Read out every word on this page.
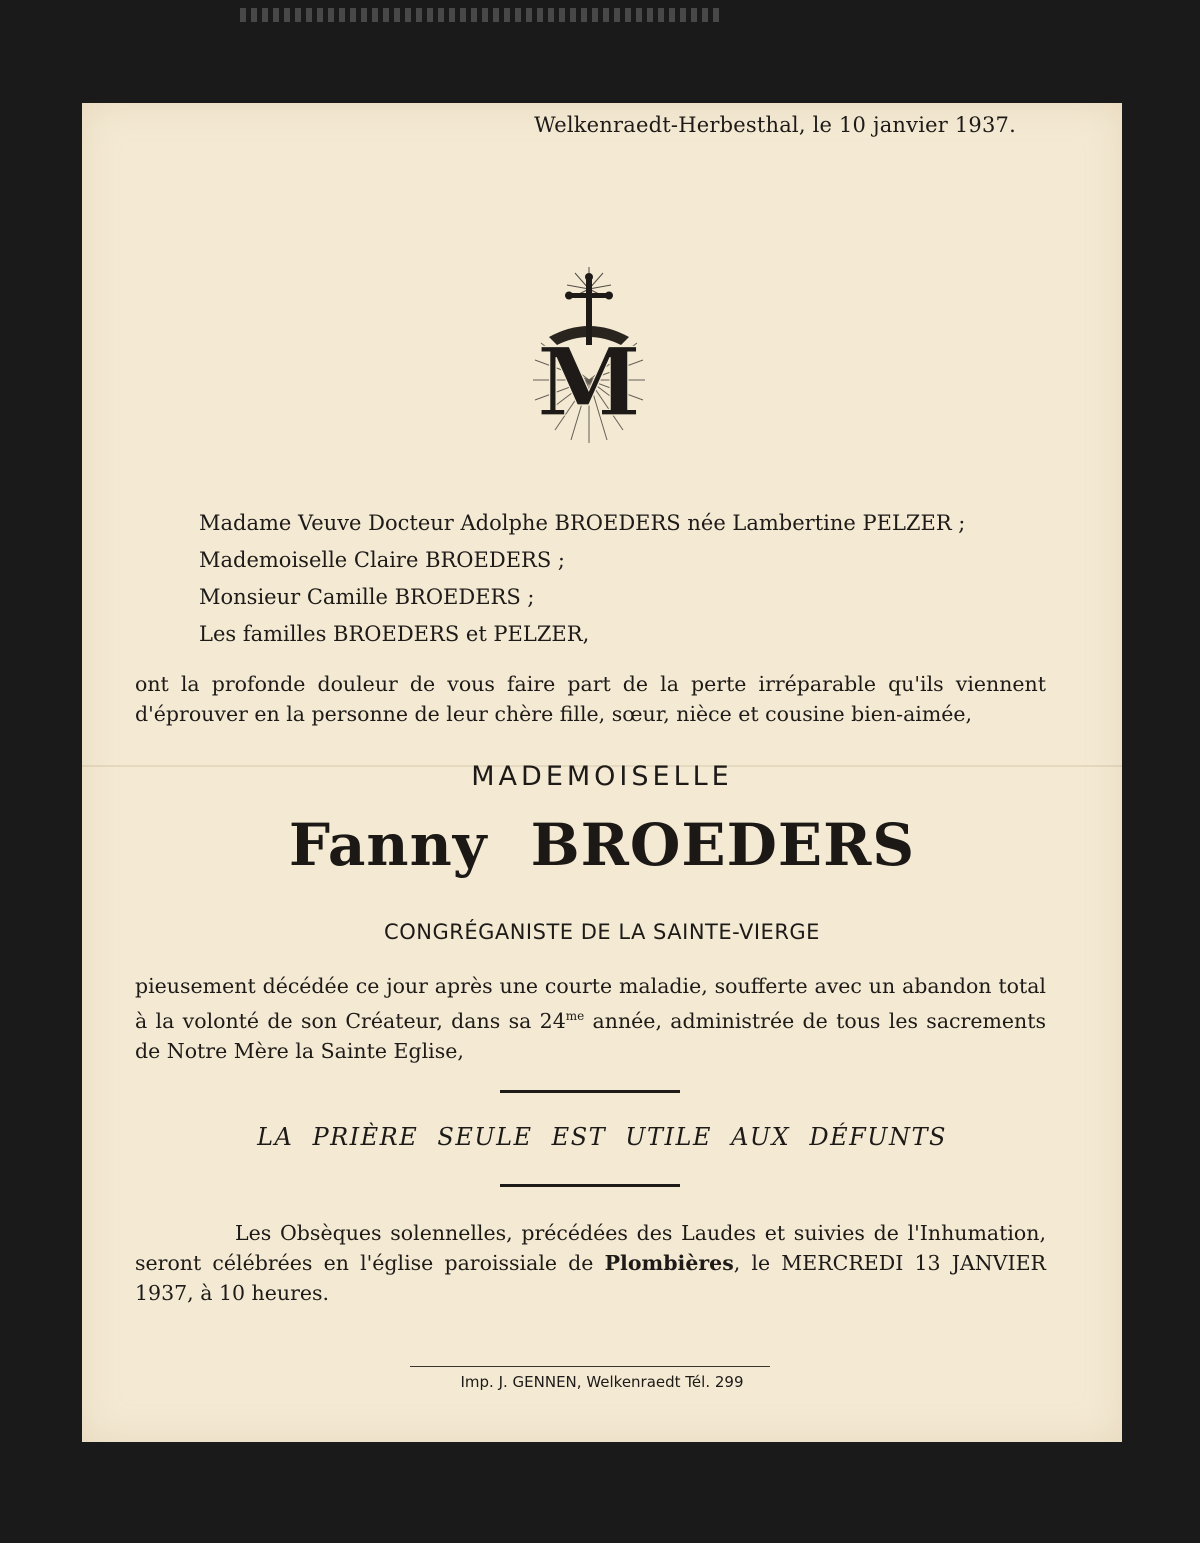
Welkenraedt-Herbesthal, le 10 janvier 1937.
M
Madame Veuve Docteur Adolphe BROEDERS née Lambertine PELZER ;
Mademoiselle Claire BROEDERS ;
Monsieur Camille BROEDERS ;
Les familles BROEDERS et PELZER,
ont la profonde douleur de vous faire part de la perte irréparable qu'ils viennent d'éprouver en la personne de leur chère fille, sœur, nièce et cousine bien-aimée,
MADEMOISELLE
Fanny BROEDERS
CONGRÉGANISTE DE LA SAINTE-VIERGE
pieusement décédée ce jour après une courte maladie, soufferte avec un abandon total à la volonté de son Créateur, dans sa $24^{me}$ année, administrée de tous les sacrements de Notre Mère la Sainte Eglise,
LA PRIÈRE SEULE EST UTILE AUX DÉFUNTS
Les Obsèques solennelles, précédées des Laudes et suivies de l'Inhumation, seront célébrées en l'église paroissiale de Plombières, le MERCREDI 13 JANVIER 1937, à 10 heures.
Imp. J. GENNEN, Welkenraedt Tél. 299
